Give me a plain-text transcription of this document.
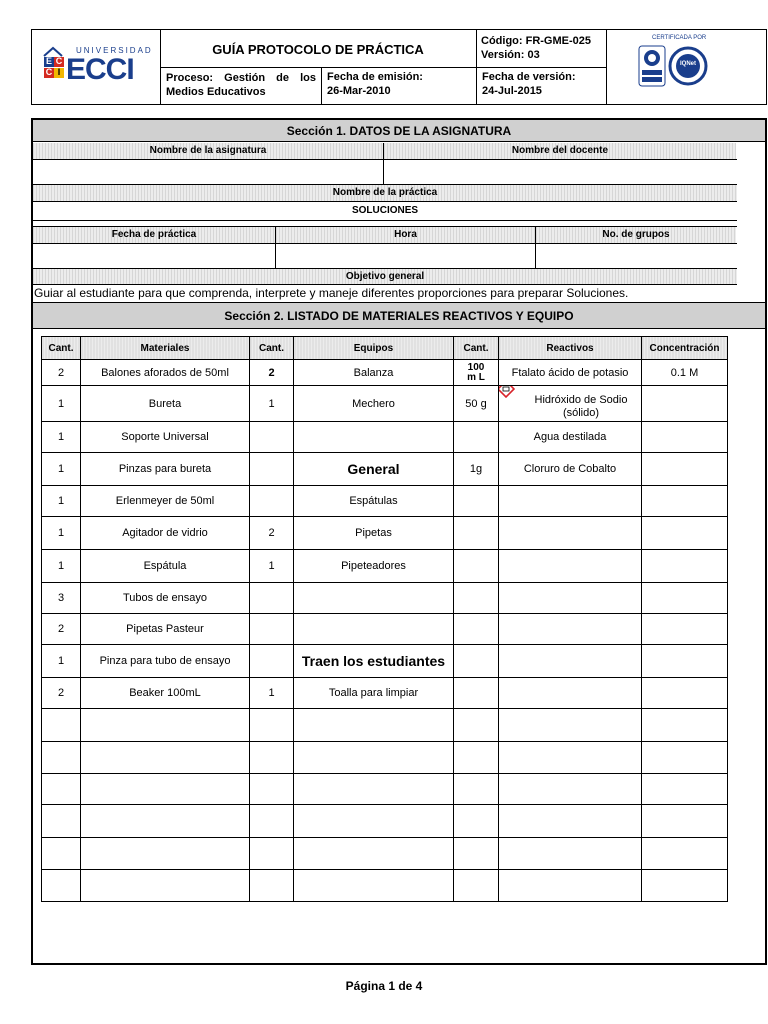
E C
C I
UNIVERSIDAD
ECCI
GUÍA PROTOCOLO DE PRÁCTICA
Código: FR-GME-025
Versión: 03
Proceso: Gestión de los Medios Educativos
Fecha de emisión:
26-Mar-2010
Fecha de versión:
24-Jul-2015
CERTIFICADA POR
IQNet
Sección 1. DATOS DE LA ASIGNATURA
Nombre de la asignatura	Nombre del docente
Nombre de la práctica
SOLUCIONES
Fecha de práctica	Hora	No. de grupos
Objetivo general
Guiar al estudiante para que comprenda, interprete y maneje diferentes proporciones para preparar Soluciones.
Sección 2. LISTADO DE MATERIALES REACTIVOS Y EQUIPO
Cant.	Materiales	Cant.	Equipos	Cant.	Reactivos	Concentración
2	Balones aforados de 50ml	2	Balanza	100m L	Ftalato ácido de potasio	0.1 M
1	Bureta	1	Mechero	50 g	Hidróxido de Sodio (sólido)	
1	Soporte Universal				Agua destilada	
1	Pinzas para bureta		General	1g	Cloruro de Cobalto	
1	Erlenmeyer de 50ml		Espátulas			
1	Agitador de vidrio	2	Pipetas			
1	Espátula	1	Pipeteadores			
3	Tubos de ensayo					
2	Pipetas Pasteur					
1	Pinza para tubo de ensayo		Traen los estudiantes			
2	Beaker 100mL	1	Toalla para limpiar			

Página 1 de 4
